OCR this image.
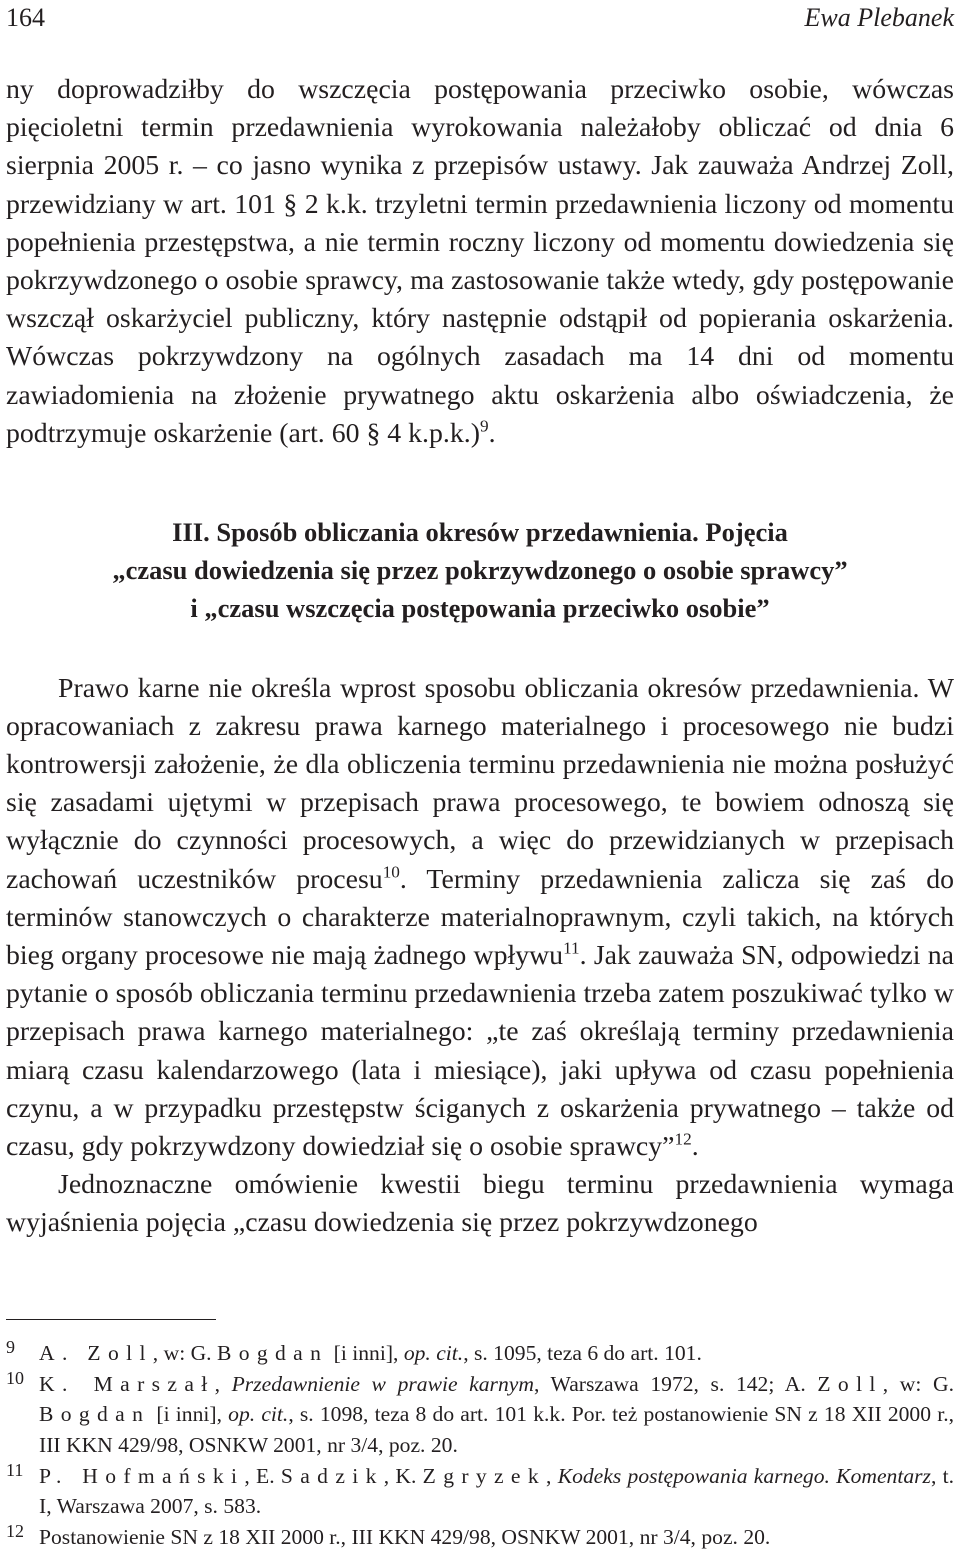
164	Ewa Plebanek

ny doprowadziłby do wszczęcia postępowania przeciwko osobie, wówczas pięcioletni termin przedawnienia wyrokowania należałoby obliczać od dnia 6 sierpnia 2005 r. – co jasno wynika z przepisów ustawy. Jak zauważa Andrzej Zoll, przewidziany w art. 101 § 2 k.k. trzyletni termin przedawnienia liczony od momentu popełnienia przestępstwa, a nie termin roczny liczony od momentu dowiedzenia się pokrzywdzonego o osobie sprawcy, ma zastosowanie także wtedy, gdy postępowanie wszczął oskarżyciel publiczny, który następnie odstąpił od popierania oskarżenia. Wówczas pokrzywdzony na ogólnych zasadach ma 14 dni od momentu zawiadomienia na złożenie prywatnego aktu oskarżenia albo oświadczenia, że podtrzymuje oskarżenie (art. 60 § 4 k.p.k.)$^9$.

III. Sposób obliczania okresów przedawnienia. Pojęcia
„czasu dowiedzenia się przez pokrzywdzonego o osobie sprawcy”
i „czasu wszczęcia postępowania przeciwko osobie”

Prawo karne nie określa wprost sposobu obliczania okresów przedawnienia. W opracowaniach z zakresu prawa karnego materialnego i procesowego nie budzi kontrowersji założenie, że dla obliczenia terminu przedawnienia nie można posłużyć się zasadami ujętymi w przepisach prawa procesowego, te bowiem odnoszą się wyłącznie do czynności procesowych, a więc do przewidzianych w przepisach zachowań uczestników procesu$^{10}$. Terminy przedawnienia zalicza się zaś do terminów stanowczych o charakterze materialnoprawnym, czyli takich, na których bieg organy procesowe nie mają żadnego wpływu$^{11}$. Jak zauważa SN, odpowiedzi na pytanie o sposób obliczania terminu przedawnienia trzeba zatem poszukiwać tylko w przepisach prawa karnego materialnego: „te zaś określają terminy przedawnienia miarą czasu kalendarzowego (lata i miesiące), jaki upływa od czasu popełnienia czynu, a w przypadku przestępstw ściganych z oskarżenia prywatnego – także od czasu, gdy pokrzywdzony dowiedział się o osobie sprawcy”$^{12}$.

Jednoznaczne omówienie kwestii biegu terminu przedawnienia wymaga wyjaśnienia pojęcia „czasu dowiedzenia się przez pokrzywdzonego

9 A. Zoll, w: G. Bogdan [i inni], op. cit., s. 1095, teza 6 do art. 101.
10 K. Marszał, Przedawnienie w prawie karnym, Warszawa 1972, s. 142; A. Zoll, w: G. Bogdan [i inni], op. cit., s. 1098, teza 8 do art. 101 k.k. Por. też postanowienie SN z 18 XII 2000 r., III KKN 429/98, OSNKW 2001, nr 3/4, poz. 20.
11 P. Hofmański, E. Sadzik, K. Zgryzek, Kodeks postępowania karnego. Komentarz, t. I, Warszawa 2007, s. 583.
12 Postanowienie SN z 18 XII 2000 r., III KKN 429/98, OSNKW 2001, nr 3/4, poz. 20.
